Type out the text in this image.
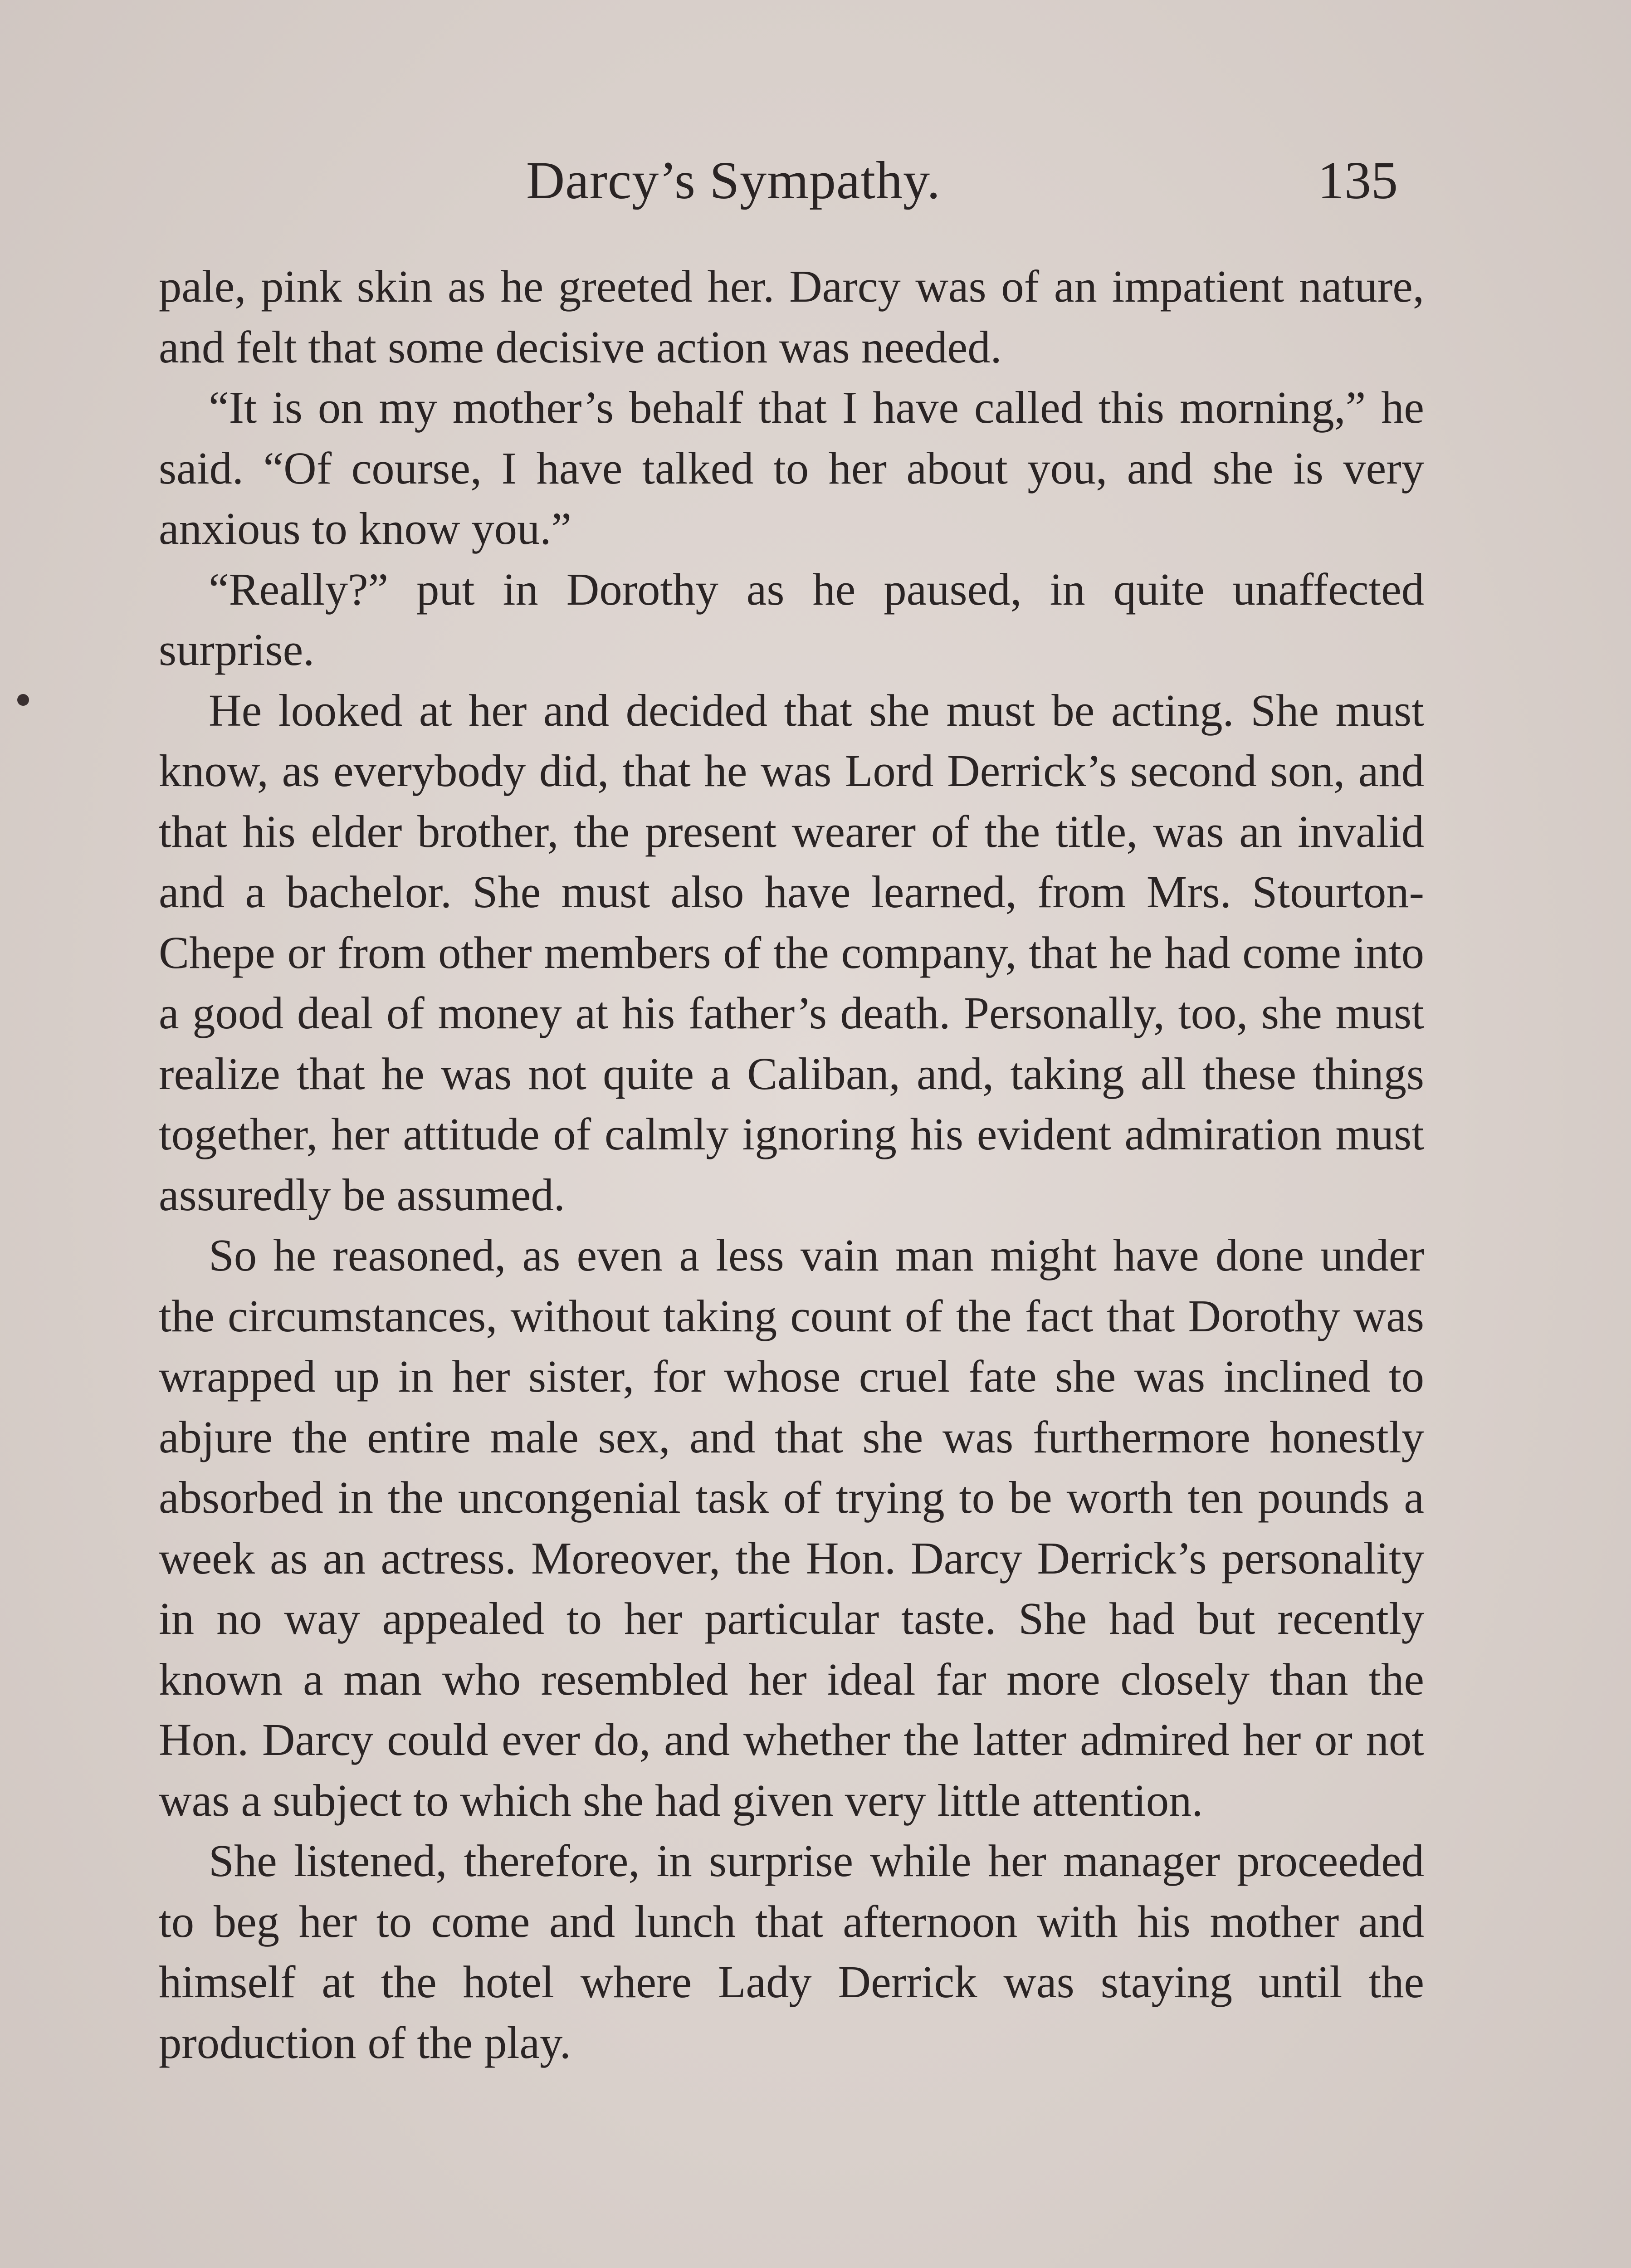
Darcy’s Sympathy.	135

pale, pink skin as he greeted her. Darcy was of an impatient nature, and felt that some decisive action was needed.

“It is on my mother’s behalf that I have called this morning,” he said. “Of course, I have talked to her about you, and she is very anxious to know you.”

“Really?” put in Dorothy as he paused, in quite unaffected surprise.

He looked at her and decided that she must be acting. She must know, as everybody did, that he was Lord Derrick’s second son, and that his elder brother, the present wearer of the title, was an invalid and a bachelor. She must also have learned, from Mrs. Stourton-Chepe or from other members of the company, that he had come into a good deal of money at his father’s death. Personally, too, she must realize that he was not quite a Caliban, and, taking all these things together, her attitude of calmly ignoring his evident admiration must assuredly be assumed.

So he reasoned, as even a less vain man might have done under the circumstances, without taking count of the fact that Dorothy was wrapped up in her sister, for whose cruel fate she was inclined to abjure the entire male sex, and that she was furthermore honestly absorbed in the uncongenial task of trying to be worth ten pounds a week as an actress. Moreover, the Hon. Darcy Derrick’s personality in no way appealed to her particular taste. She had but recently known a man who resembled her ideal far more closely than the Hon. Darcy could ever do, and whether the latter admired her or not was a subject to which she had given very little attention.

She listened, therefore, in surprise while her manager proceeded to beg her to come and lunch that afternoon with his mother and himself at the hotel where Lady Derrick was staying until the production of the play.
